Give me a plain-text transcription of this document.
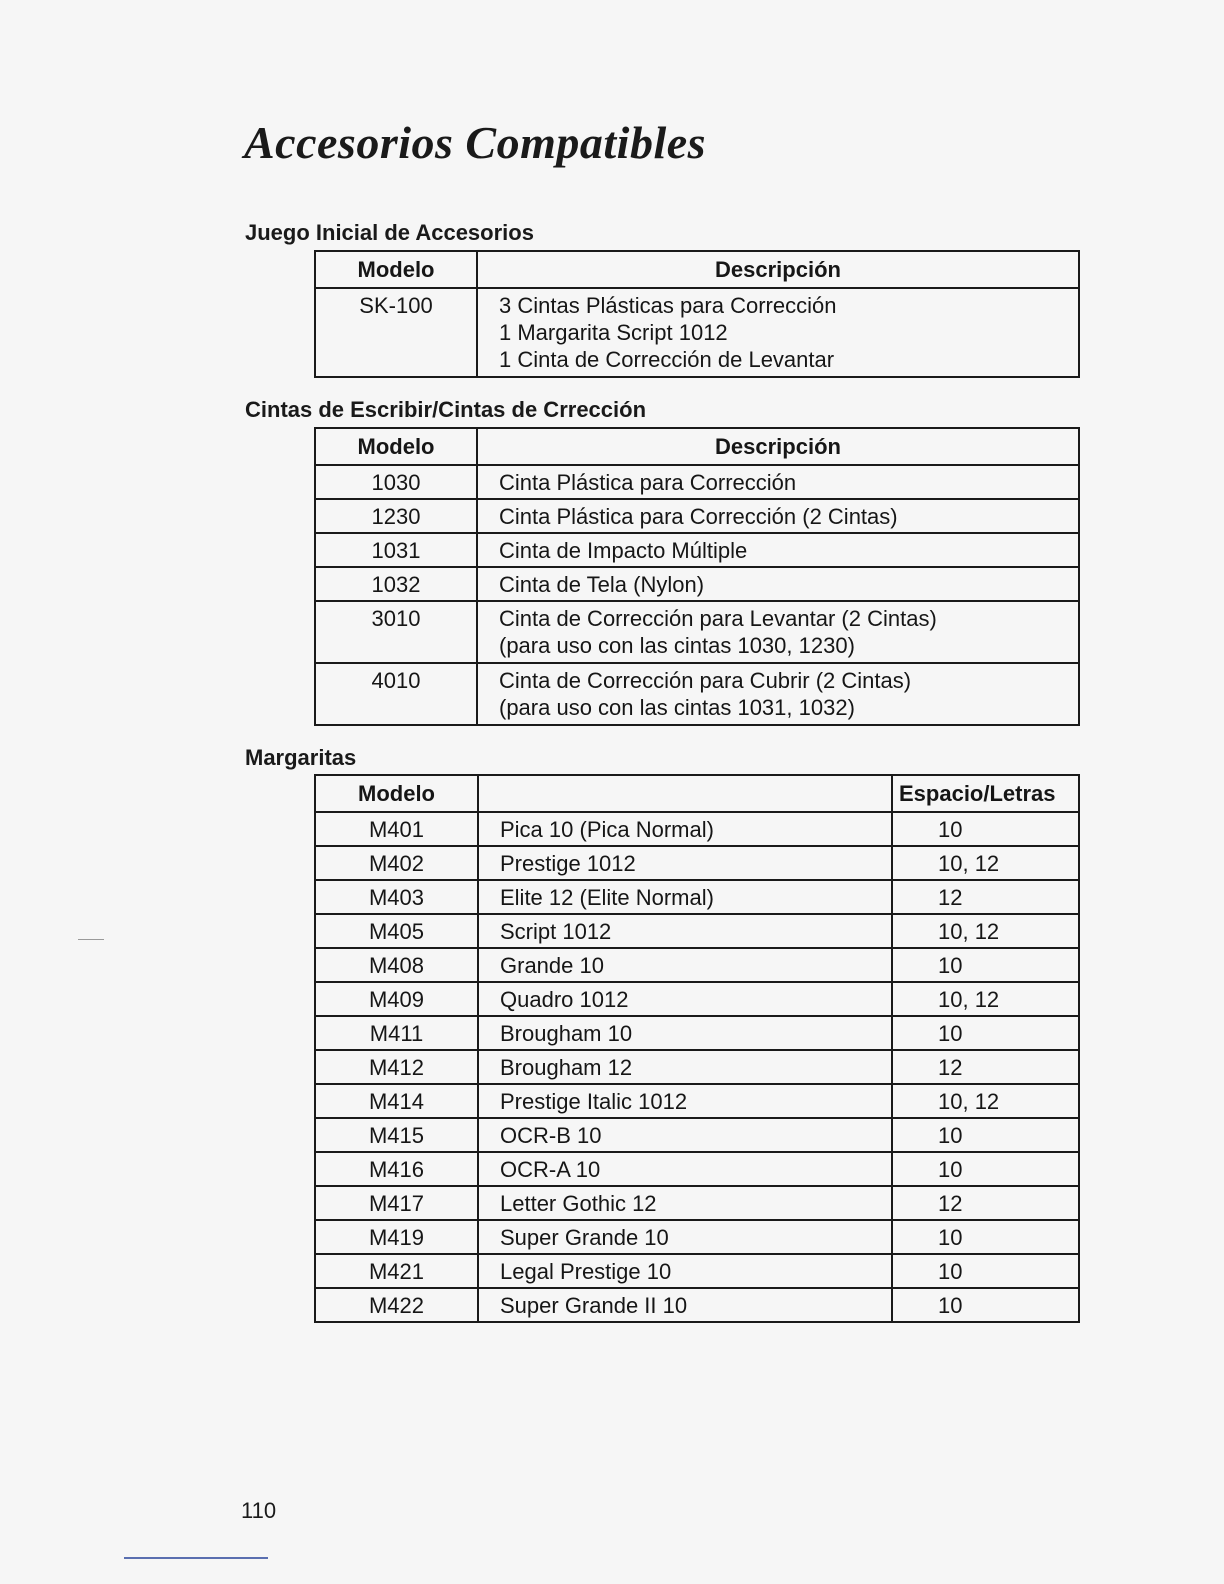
Accesorios Compatibles
Juego Inicial de Accesorios
Modelo	Descripción
SK-100	3 Cintas Plásticas para Corrección
1 Margarita Script 1012
1 Cinta de Corrección de Levantar
Cintas de Escribir/Cintas de Crrección
Modelo	Descripción
1030	Cinta Plástica para Corrección
1230	Cinta Plástica para Corrección (2 Cintas)
1031	Cinta de Impacto Múltiple
1032	Cinta de Tela (Nylon)
3010	Cinta de Corrección para Levantar (2 Cintas)
(para uso con las cintas 1030, 1230)

4010	Cinta de Corrección para Cubrir (2 Cintas)
(para uso con las cintas 1031, 1032)
Margaritas
Modelo		Espacio/Letras
M401	Pica 10 (Pica Normal)	10
M402	Prestige 1012	10, 12
M403	Elite 12 (Elite Normal)	12
M405	Script 1012	10, 12
M408	Grande 10	10
M409	Quadro 1012	10, 12
M411	Brougham 10	10
M412	Brougham 12	12
M414	Prestige Italic 1012	10, 12
M415	OCR-B 10	10
M416	OCR-A 10	10
M417	Letter Gothic 12	12
M419	Super Grande 10	10
M421	Legal Prestige 10	10
M422	Super Grande II 10	10
110
